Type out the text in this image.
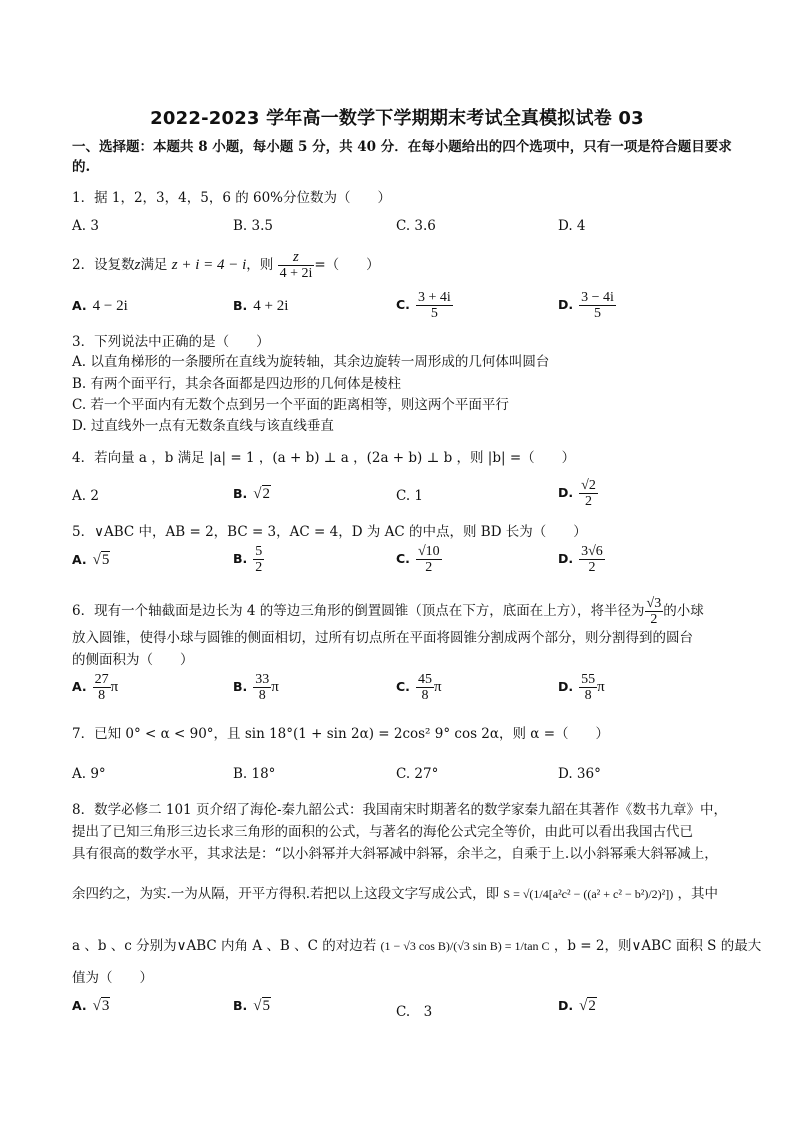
2022-2023 学年高一数学下学期期末考试全真模拟试卷 03
一、选择题：本题共 8 小题，每小题 5 分，共 40 分．在每小题给出的四个选项中，只有一项是符合题目要求的.
1．据 1，2，3，4，5，6 的 60%分位数为（　　）
A. 3	B. 3.5	C. 3.6	D. 4
2．设复数z满足 z + i = 4 − i，则 $\frac{z}{4 + 2i}$ =（　　）
A. 4 − 2i	B. 4 + 2i	C. $\frac{3 + 4i}{5}$	D. $\frac{3 - 4i}{5}$
3．下列说法中正确的是（　　）
A. 以直角梯形的一条腰所在直线为旋转轴，其余边旋转一周形成的几何体叫圆台
B. 有两个面平行，其余各面都是四边形的几何体是棱柱
C. 若一个平面内有无数个点到另一个平面的距离相等，则这两个平面平行
D. 过直线外一点有无数条直线与该直线垂直
4．若向量 a ，b 满足 |a| = 1 ，(a + b) ⊥ a ，(2a + b) ⊥ b ，则 |b| =（　　）
A. 2	B. √2	C. 1	D. $\frac{√2}{2}$
5．∨ABC 中，AB = 2，BC = 3，AC = 4，D 为 AC 的中点，则 BD 长为（　　）
A. √5	B. $\frac{5}{2}$	C. $\frac{√10}{2}$	D. $\frac{3√6}{2}$
6．现有一个轴截面是边长为 4 的等边三角形的倒置圆锥（顶点在下方，底面在上方），将半径为 $\frac{√3}{2}$ 的小球
放入圆锥，使得小球与圆锥的侧面相切，过所有切点所在平面将圆锥分割成两个部分，则分割得到的圆台
的侧面积为（　　）
A. $\frac{27}{8}$ π	B. $\frac{33}{8}$ π	C. $\frac{45}{8}$ π	D. $\frac{55}{8}$ π
7．已知 0° < α < 90°，且 sin 18°(1 + sin 2α) = 2cos² 9° cos 2α，则 α =（　　）
A. 9°	B. 18°	C. 27°	D. 36°
8．数学必修二 101 页介绍了海伦-秦九韶公式：我国南宋时期著名的数学家秦九韶在其著作《数书九章》中，
提出了已知三角形三边长求三角形的面积的公式，与著名的海伦公式完全等价，由此可以看出我国古代已
具有很高的数学水平，其求法是：“以小斜幂并大斜幂减中斜幂，余半之，自乘于上.以小斜幂乘大斜幂减上，
余四约之，为实.一为从隔，开平方得积.若把以上这段文字写成公式，即 S = √(1/4[a²c² − ((a² + c² − b²)/2)²]) ，其中
a 、b 、c 分别为∨ABC 内角 A 、B 、C 的对边若 (1 − √3 cos B)/(√3 sin B) = 1/tan C ，b = 2，则∨ABC 面积 S 的最大
值为（　　）
A. √3	B. √5	C.　3	D. √2
